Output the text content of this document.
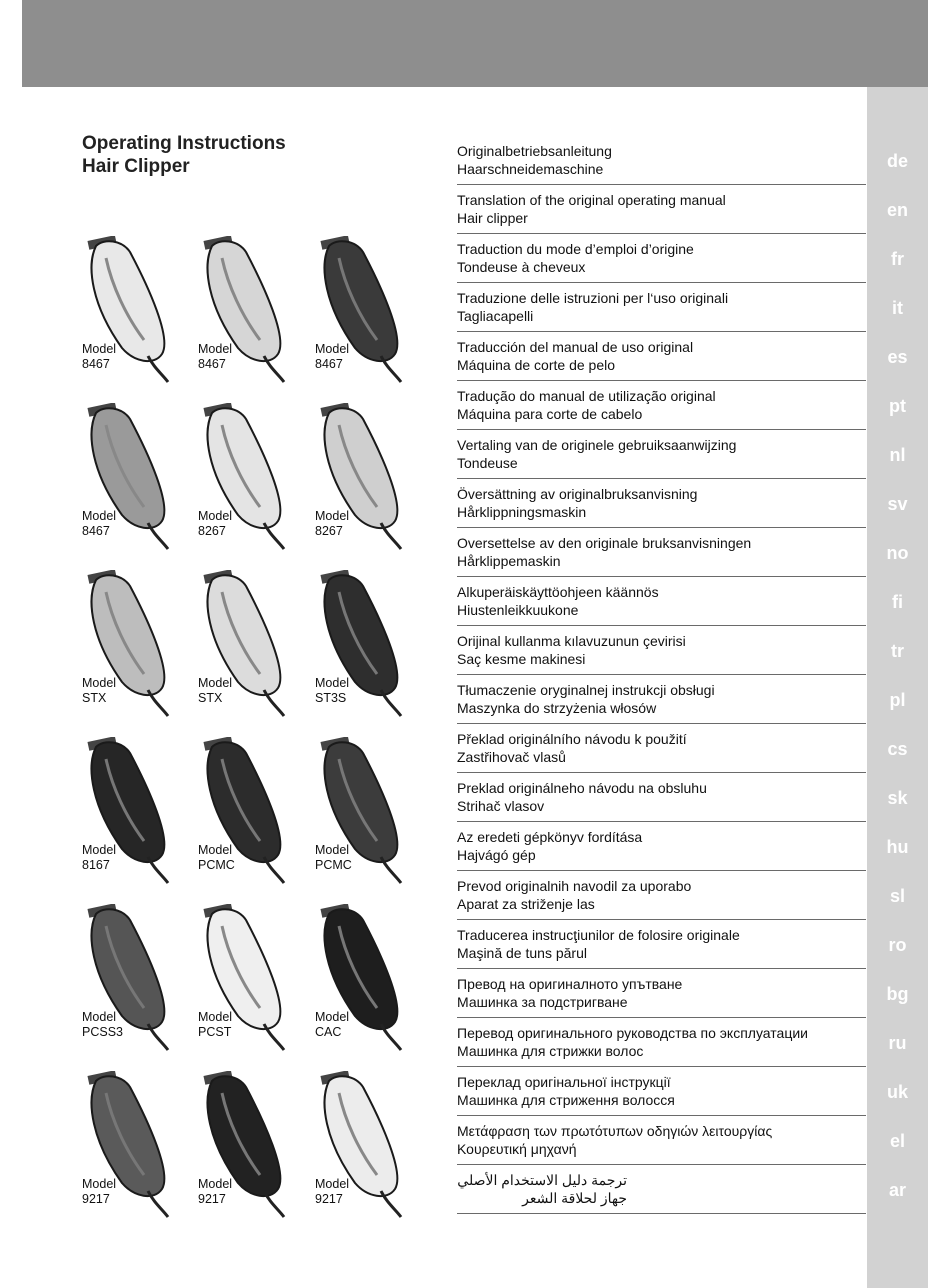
Operating Instructions
Hair Clipper
Model
8467
Model
8467
Model
8467
Model
8467
Model
8267
Model
8267
Model
STX
Model
STX
Model
ST3S
Model
8167
Model
PCMC
Model
PCMC
Model
PCSS3
Model
PCST
Model
CAC
Model
9217
Model
9217
Model
9217
Originalbetriebsanleitung
Haarschneidemaschine
Translation of the original operating manual
Hair clipper
Traduction du mode d’emploi d’origine
Tondeuse à cheveux
Traduzione delle istruzioni per l‘uso originali
Tagliacapelli
Traducción del manual de uso original
Máquina de corte de pelo
Tradução do manual de utilização original
Máquina para corte de cabelo
Vertaling van de originele gebruiksaanwijzing
Tondeuse
Översättning av originalbruksanvisning
Hårklippningsmaskin
Oversettelse av den originale bruksanvisningen
Hårklippemaskin
Alkuperäiskäyttöohjeen käännös
Hiustenleikkuukone
Orijinal kullanma kılavuzunun çevirisi
Saç kesme makinesi
Tłumaczenie oryginalnej instrukcji obsługi
Maszynka do strzyżenia włosów
Překlad originálního návodu k použití
Zastřihovač vlasů
Preklad originálneho návodu na obsluhu
Strihač vlasov
Az eredeti gépkönyv fordítása
Hajvágó gép
Prevod originalnih navodil za uporabo
Aparat za striženje las
Traducerea instrucţiunilor de folosire originale
Maşină de tuns părul
Превод на оригиналното упътване
Машинка за подстригване
Перевод оригинального руководства по эксплуатации
Машинка для стрижки волос
Переклад оригінальної інструкції
Машинка для стриження волосся
Μετάφραση των πρωτότυπων οδηγιών λειτουργίας
Κουρευτική μηχανή
ترجمة دليل الاستخدام الأصلي
جهاز لحلاقة الشعر
de
en
fr
it
es
pt
nl
sv
no
fi
tr
pl
cs
sk
hu
sl
ro
bg
ru
uk
el
ar
